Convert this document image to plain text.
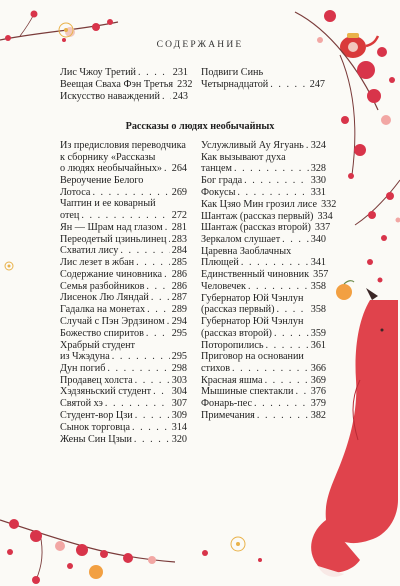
СОДЕРЖАНИЕ
Лис Чжоу Третий . . .	231
Веещая Сваха Фэн Третья 232
Искусство наваждений . . . 243
Подвиги Синь
Четырнадцатой . . .	247
Рассказы о людях необычайных
Из предисловия переводчика
к сборнику «Рассказы
о людях необычайных» . . . 264
Вероучение Белого
Лотоса . . .	269
Чаптин и ее коварный
отец . . .	272
Ян — Шрам над глазом . . . 281
Переодетый цзиньлинец . . . 283
Схватил лису . . .	284
Лис лезет в жбан . . .	285
Содержание чиновника . . . 286
Семья разбойников . . .	286
Лисенок Лю Ляндай . . . 287
Гадалка на монетах . . .	289
Случай с Пэн Эрдзином . . . 294
Божество спиритов . . .	295
Храбрый студент
из Чжэдуна . . .	295
Дун погиб . . .	298
Продавец холста . . .	303
Хэдзяньский студент . . . 304
Святой хэ . . .	307
Студент-вор Цзи . . .	309
Сынок торговца . . .	314
Жены Син Цзыи . . .	320
Услужливый Ау Ягуань . . . 324
Как вызывают духа
танцем . . .	328
Бог града . . .	330
Фокусы . . .	331
Как Цзяо Мин грозил лисе 332
Шантаж (рассказ первый) 334
Шантаж (рассказ второй) 337
Зеркалом слушает . . .	340
Царевна Заоблачных
Плющей . . .	341
Единственный чиновник 357
Человечек . . .	358
Губернатор Юй Чэнлун
(рассказ первый) . . .	358
Губернатор Юй Чэнлун
(рассказ второй) . . .	359
Поторопились . . .	361
Приговор на основании
стихов . . .	366
Красная яшма . . .	369
Мышиные спектакли . . . 376
Фонарь-пес . . .	379
Примечания . . .	382
